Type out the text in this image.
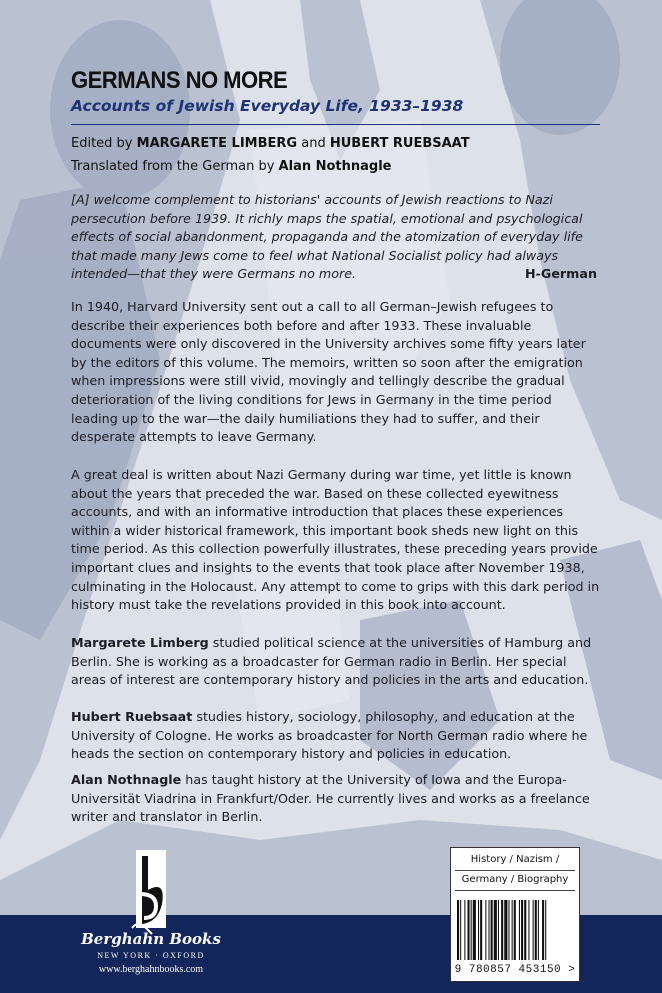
GERMANS NO MORE
Accounts of Jewish Everyday Life, 1933–1938
Edited by MARGARETE LIMBERG and HUBERT RUEBSAAT
Translated from the German by Alan Nothnagle
[A] welcome complement to historians' accounts of Jewish reactions to Nazi persecution before 1939. It richly maps the spatial, emotional and psychological effects of social abandonment, propaganda and the atomization of everyday life that made many Jews come to feel what National Socialist policy had always intended—that they were Germans no more.	H-German
In 1940, Harvard University sent out a call to all German–Jewish refugees to describe their experiences both before and after 1933. These invaluable documents were only discovered in the University archives some fifty years later by the editors of this volume. The memoirs, written so soon after the emigration when impressions were still vivid, movingly and tellingly describe the gradual deterioration of the living conditions for Jews in Germany in the time period leading up to the war—the daily humiliations they had to suffer, and their desperate attempts to leave Germany.
A great deal is written about Nazi Germany during war time, yet little is known about the years that preceded the war. Based on these collected eyewitness accounts, and with an informative introduction that places these experiences within a wider historical framework, this important book sheds new light on this time period. As this collection powerfully illustrates, these preceding years provide important clues and insights to the events that took place after November 1938, culminating in the Holocaust. Any attempt to come to grips with this dark period in history must take the revelations provided in this book into account.
Margarete Limberg studied political science at the universities of Hamburg and Berlin. She is working as a broadcaster for German radio in Berlin. Her special areas of interest are contemporary history and policies in the arts and education.
Hubert Ruebsaat studies history, sociology, philosophy, and education at the University of Cologne. He works as broadcaster for North German radio where he heads the section on contemporary history and policies in education.
Alan Nothnagle has taught history at the University of Iowa and the Europa-Universität Viadrina in Frankfurt/Oder. He currently lives and works as a freelance writer and translator in Berlin.
Berghahn Books
NEW YORK · OXFORD
www.berghahnbooks.com
History / Nazism /
Germany / Biography
9 780857 453150 >
